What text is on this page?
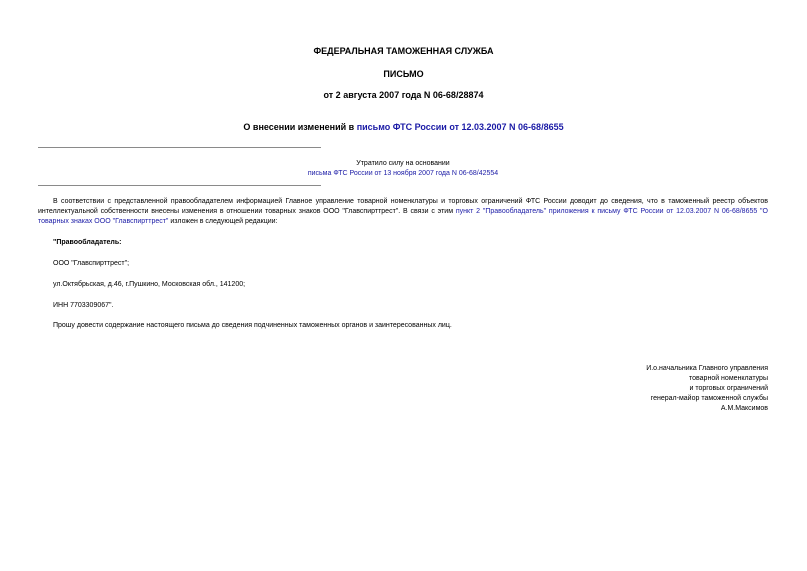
ФЕДЕРАЛЬНАЯ ТАМОЖЕННАЯ СЛУЖБА
ПИСЬМО
от 2 августа 2007 года N 06-68/28874
О внесении изменений в письмо ФТС России от 12.03.2007 N 06-68/8655
Утратило силу на основании
письма ФТС России от 13 ноября 2007 года N 06-68/42554
В соответствии с представленной правообладателем информацией Главное управление товарной номенклатуры и торговых ограничений ФТС России доводит до сведения, что в таможенный реестр объектов интеллектуальной собственности внесены изменения в отношении товарных знаков ООО "Главспирттрест". В связи с этим пункт 2 "Правообладатель" приложения к письму ФТС России от 12.03.2007 N 06-68/8655 "О товарных знаках ООО "Главспирттрест" изложен в следующей редакции:
"Правообладатель:
ООО "Главспирттрест";
ул.Октябрьская, д.46, г.Пушкино, Московская обл., 141200;
ИНН 7703309067".
Прошу довести содержание настоящего письма до сведения подчиненных таможенных органов и заинтересованных лиц.
И.о.начальника Главного управления
товарной номенклатуры
и торговых ограничений
генерал-майор таможенной службы
А.М.Максимов
